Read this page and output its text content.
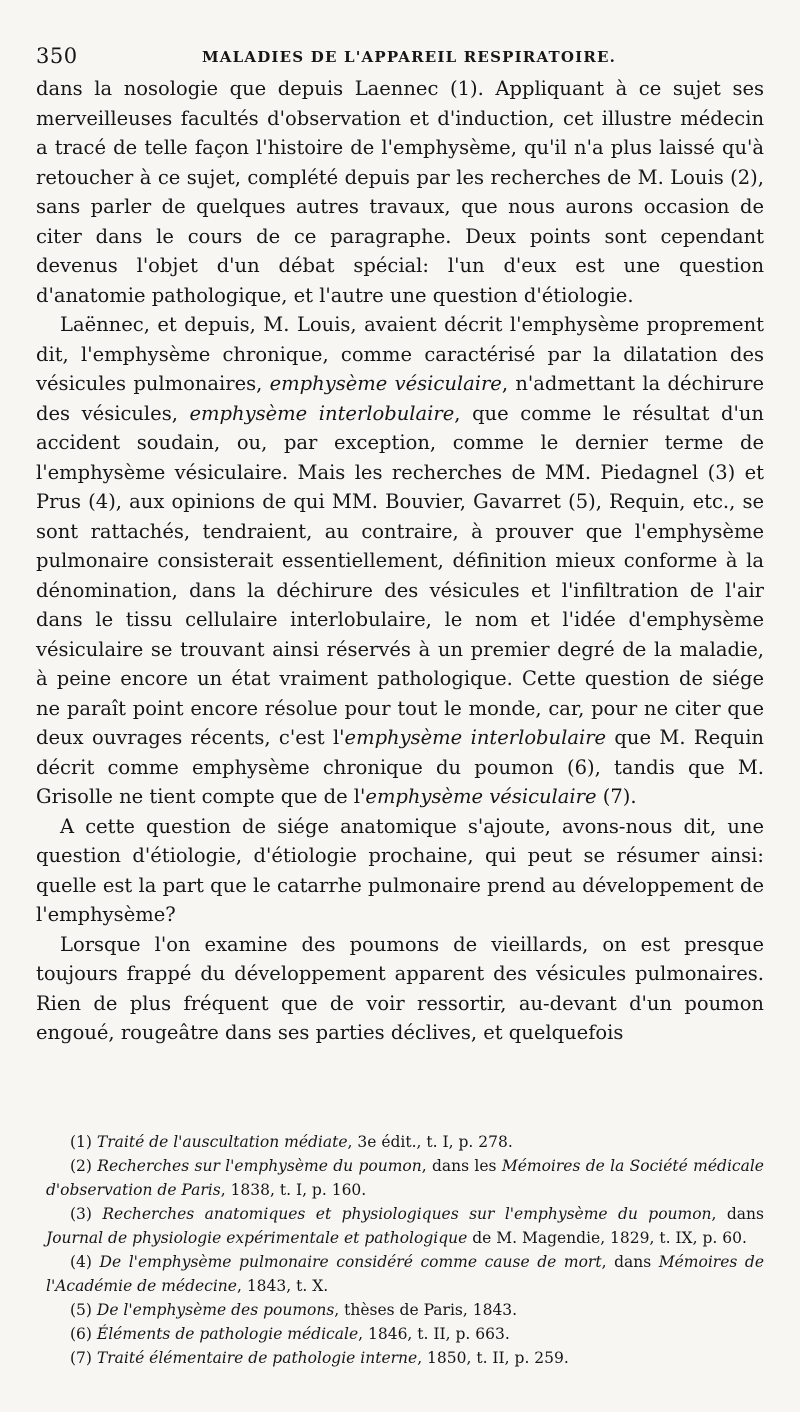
350	MALADIES DE L'APPAREIL RESPIRATOIRE.

dans la nosologie que depuis Laennec (1). Appliquant à ce sujet ses merveilleuses facultés d'observation et d'induction, cet illustre médecin a tracé de telle façon l'histoire de l'emphysème, qu'il n'a plus laissé qu'à retoucher à ce sujet, complété depuis par les recherches de M. Louis (2), sans parler de quelques autres travaux, que nous aurons occasion de citer dans le cours de ce paragraphe. Deux points sont cependant devenus l'objet d'un débat spécial: l'un d'eux est une question d'anatomie pathologique, et l'autre une question d'étiologie.

Laënnec, et depuis, M. Louis, avaient décrit l'emphysème proprement dit, l'emphysème chronique, comme caractérisé par la dilatation des vésicules pulmonaires, emphysème vésiculaire, n'admettant la déchirure des vésicules, emphysème interlobulaire, que comme le résultat d'un accident soudain, ou, par exception, comme le dernier terme de l'emphysème vésiculaire. Mais les recherches de MM. Piedagnel (3) et Prus (4), aux opinions de qui MM. Bouvier, Gavarret (5), Requin, etc., se sont rattachés, tendraient, au contraire, à prouver que l'emphysème pulmonaire consisterait essentiellement, définition mieux conforme à la dénomination, dans la déchirure des vésicules et l'infiltration de l'air dans le tissu cellulaire interlobulaire, le nom et l'idée d'emphysème vésiculaire se trouvant ainsi réservés à un premier degré de la maladie, à peine encore un état vraiment pathologique. Cette question de siége ne paraît point encore résolue pour tout le monde, car, pour ne citer que deux ouvrages récents, c'est l'emphysème interlobulaire que M. Requin décrit comme emphysème chronique du poumon (6), tandis que M. Grisolle ne tient compte que de l'emphysème vésiculaire (7).

A cette question de siége anatomique s'ajoute, avons-nous dit, une question d'étiologie, d'étiologie prochaine, qui peut se résumer ainsi: quelle est la part que le catarrhe pulmonaire prend au développement de l'emphysème?

Lorsque l'on examine des poumons de vieillards, on est presque toujours frappé du développement apparent des vésicules pulmonaires. Rien de plus fréquent que de voir ressortir, au-devant d'un poumon engoué, rougeâtre dans ses parties déclives, et quelquefois

(1) Traité de l'auscultation médiate, 3e édit., t. I, p. 278.

(2) Recherches sur l'emphysème du poumon, dans les Mémoires de la Société médicale d'observation de Paris, 1838, t. I, p. 160.

(3) Recherches anatomiques et physiologiques sur l'emphysème du poumon, dans Journal de physiologie expérimentale et pathologique de M. Magendie, 1829, t. IX, p. 60.

(4) De l'emphysème pulmonaire considéré comme cause de mort, dans Mémoires de l'Académie de médecine, 1843, t. X.

(5) De l'emphysème des poumons, thèses de Paris, 1843.

(6) Éléments de pathologie médicale, 1846, t. II, p. 663.

(7) Traité élémentaire de pathologie interne, 1850, t. II, p. 259.
